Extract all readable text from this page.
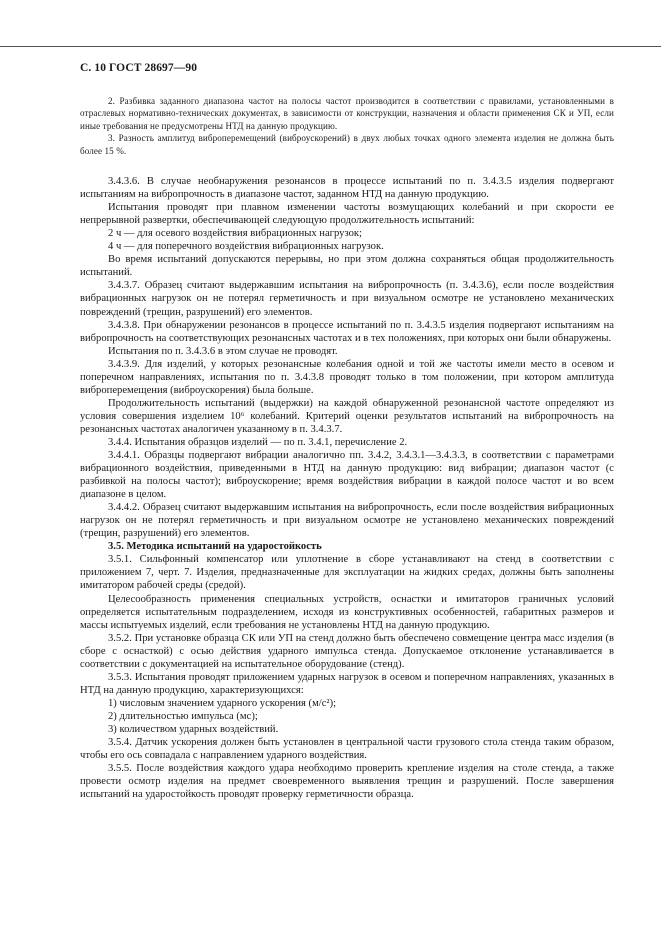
С. 10 ГОСТ 28697—90

2. Разбивка заданного диапазона частот на полосы частот производится в соответствии с правилами, установленными в отраслевых нормативно-технических документах, в зависимости от конструкции, назначения и области применения СК и УП, если иные требования не предусмотрены НТД на данную продукцию.

3. Разность амплитуд виброперемещений (виброускорений) в двух любых точках одного элемента изделия не должна быть более 15 %.

3.4.3.6. В случае необнаружения резонансов в процессе испытаний по п. 3.4.3.5 изделия подвергают испытаниям на вибропрочность в диапазоне частот, заданном НТД на данную продукцию.

Испытания проводят при плавном изменении частоты возмущающих колебаний и при скорости ее непрерывной развертки, обеспечивающей следующую продолжительность испытаний:

2 ч — для осевого воздействия вибрационных нагрузок;

4 ч — для поперечного воздействия вибрационных нагрузок.

Во время испытаний допускаются перерывы, но при этом должна сохраняться общая продолжительность испытаний.

3.4.3.7. Образец считают выдержавшим испытания на вибропрочность (п. 3.4.3.6), если после воздействия вибрационных нагрузок он не потерял герметичность и при визуальном осмотре не установлено механических повреждений (трещин, разрушений) его элементов.

3.4.3.8. При обнаружении резонансов в процессе испытаний по п. 3.4.3.5 изделия подвергают испытаниям на вибропрочность на соответствующих резонансных частотах и в тех положениях, при которых они были обнаружены.

Испытания по п. 3.4.3.6 в этом случае не проводят.

3.4.3.9. Для изделий, у которых резонансные колебания одной и той же частоты имели место в осевом и поперечном направлениях, испытания по п. 3.4.3.8 проводят только в том положении, при котором амплитуда виброперемещения (виброускорения) была больше.

Продолжительность испытаний (выдержки) на каждой обнаруженной резонансной частоте определяют из условия совершения изделием 10⁶ колебаний. Критерий оценки результатов испытаний на вибропрочность на резонансных частотах аналогичен указанному в п. 3.4.3.7.

3.4.4. Испытания образцов изделий — по п. 3.4.1, перечисление 2.

3.4.4.1. Образцы подвергают вибрации аналогично пп. 3.4.2, 3.4.3.1—3.4.3.3, в соответствии с параметрами вибрационного воздействия, приведенными в НТД на данную продукцию: вид вибрации; диапазон частот (с разбивкой на полосы частот); виброускорение; время воздействия вибрации в каждой полосе частот и во всем диапазоне в целом.

3.4.4.2. Образец считают выдержавшим испытания на вибропрочность, если после воздействия вибрационных нагрузок он не потерял герметичность и при визуальном осмотре не установлено механических повреждений (трещин, разрушений) его элементов.

3.5. Методика испытаний на ударостойкость

3.5.1. Сильфонный компенсатор или уплотнение в сборе устанавливают на стенд в соответствии с приложением 7, черт. 7. Изделия, предназначенные для эксплуатации на жидких средах, должны быть заполнены имитатором рабочей среды (средой).

Целесообразность применения специальных устройств, оснастки и имитаторов граничных условий определяется испытательным подразделением, исходя из конструктивных особенностей, габаритных размеров и массы испытуемых изделий, если требования не установлены НТД на данную продукцию.

3.5.2. При установке образца СК или УП на стенд должно быть обеспечено совмещение центра масс изделия (в сборе с оснасткой) с осью действия ударного импульса стенда. Допускаемое отклонение устанавливается в соответствии с документацией на испытательное оборудование (стенд).

3.5.3. Испытания проводят приложением ударных нагрузок в осевом и поперечном направлениях, указанных в НТД на данную продукцию, характеризующихся:

1) числовым значением ударного ускорения (м/с²);

2) длительностью импульса (мс);

3) количеством ударных воздействий.

3.5.4. Датчик ускорения должен быть установлен в центральной части грузового стола стенда таким образом, чтобы его ось совпадала с направлением ударного воздействия.

3.5.5. После воздействия каждого удара необходимо проверить крепление изделия на столе стенда, а также провести осмотр изделия на предмет своевременного выявления трещин и разрушений. После завершения испытаний на ударостойкость проводят проверку герметичности образца.
